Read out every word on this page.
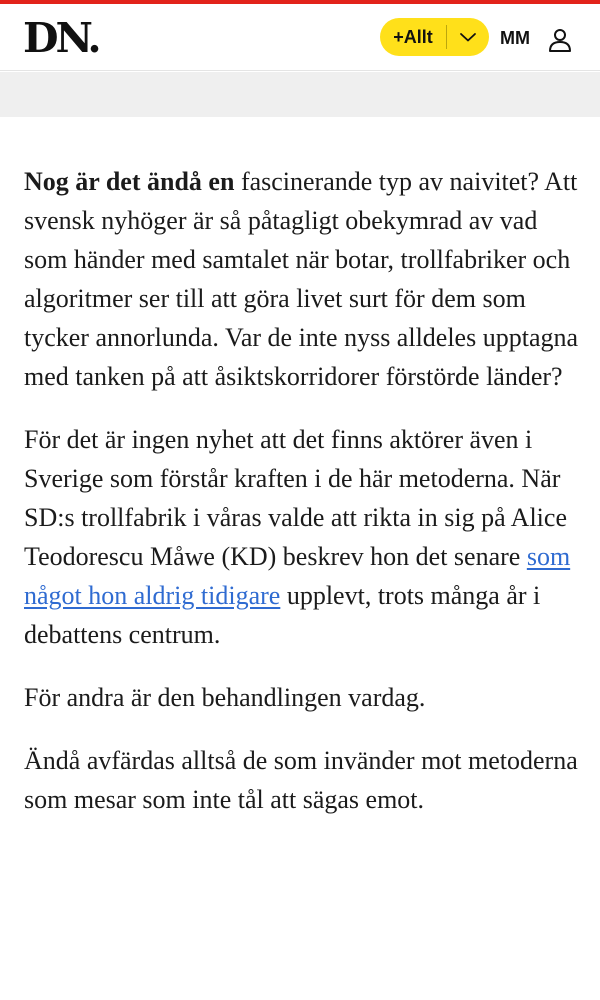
DN.	+Allt	MM

Nog är det ändå en fascinerande typ av naivitet? Att svensk nyhöger är så påtagligt obekymrad av vad som händer med samtalet när botar, trollfabriker och algoritmer ser till att göra livet surt för dem som tycker annorlunda. Var de inte nyss alldeles upptagna med tanken på att åsiktskorridorer förstörde länder?

För det är ingen nyhet att det finns aktörer även i Sverige som förstår kraften i de här metoderna. När SD:s trollfabrik i våras valde att rikta in sig på Alice Teodorescu Måwe (KD) beskrev hon det senare som något hon aldrig tidigare upplevt, trots många år i debattens centrum.

För andra är den behandlingen vardag.

Ändå avfärdas alltså de som invänder mot metoderna som mesar som inte tål att sägas emot.
